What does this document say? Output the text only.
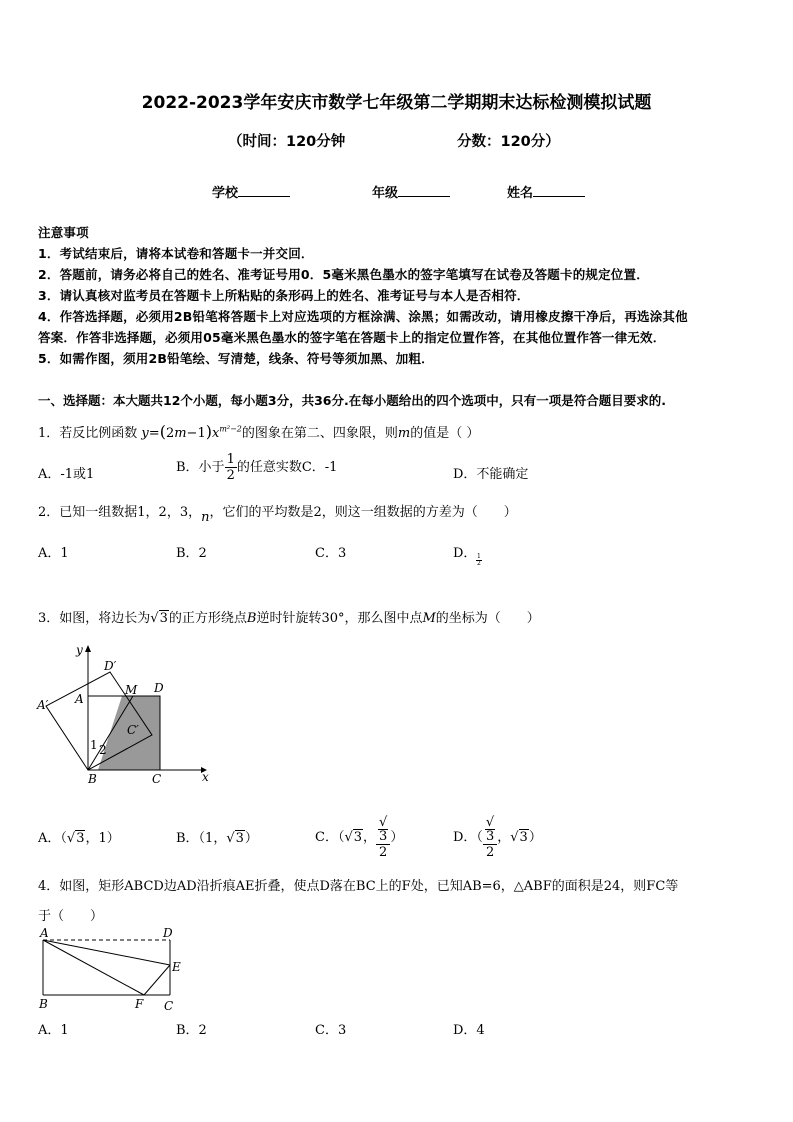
2022-2023学年安庆市数学七年级第二学期期末达标检测模拟试题
（时间：120分钟	分数：120分）
学校	年级	姓名
注意事项
1．考试结束后，请将本试卷和答题卡一并交回．
2．答题前，请务必将自己的姓名、准考证号用0．5毫米黑色墨水的签字笔填写在试卷及答题卡的规定位置．
3．请认真核对监考员在答题卡上所粘贴的条形码上的姓名、准考证号与本人是否相符．
4．作答选择题，必须用2B铅笔将答题卡上对应选项的方框涂满、涂黑；如需改动，请用橡皮擦干净后，再选涂其他
答案．作答非选择题，必须用05毫米黑色墨水的签字笔在答题卡上的指定位置作答，在其他位置作答一律无效．
5．如需作图，须用2B铅笔绘、写清楚，线条、符号等须加黑、加粗．
一、选择题：本大题共12个小题，每小题3分，共36分.在每小题给出的四个选项中，只有一项是符合题目要求的.
1．若反比例函数 $y=(2m-1)x^{m^2-2}$的图象在第二、四象限，则m的值是（ ）
A．-1或1	B．小于 $\frac{1}{2}$ 的任意实数C．-1	D．不能确定
2．已知一组数据1，2，3，n，它们的平均数是2，则这一组数据的方差为（　　）
A．1	B．2	C．3	D． $\frac{1}{2}$
3．如图，将边长为√3的正方形绕点B逆时针旋转30°，那么图中点M的坐标为（　　）
y
x
D′
A′ A
M D
C′
B	C
1 2
A．（√3，1）	B．（1，√3）	C．（√3， √
3
2 ）	D．（ √
3
2 ，√3）
4．如图，矩形ABCD边AD沿折痕AE折叠，使点D落在BC上的F处，已知AB=6，△ABF的面积是24，则FC等
于（　　）
A	D
E
B	F C
A．1	B．2	C．3	D．4
